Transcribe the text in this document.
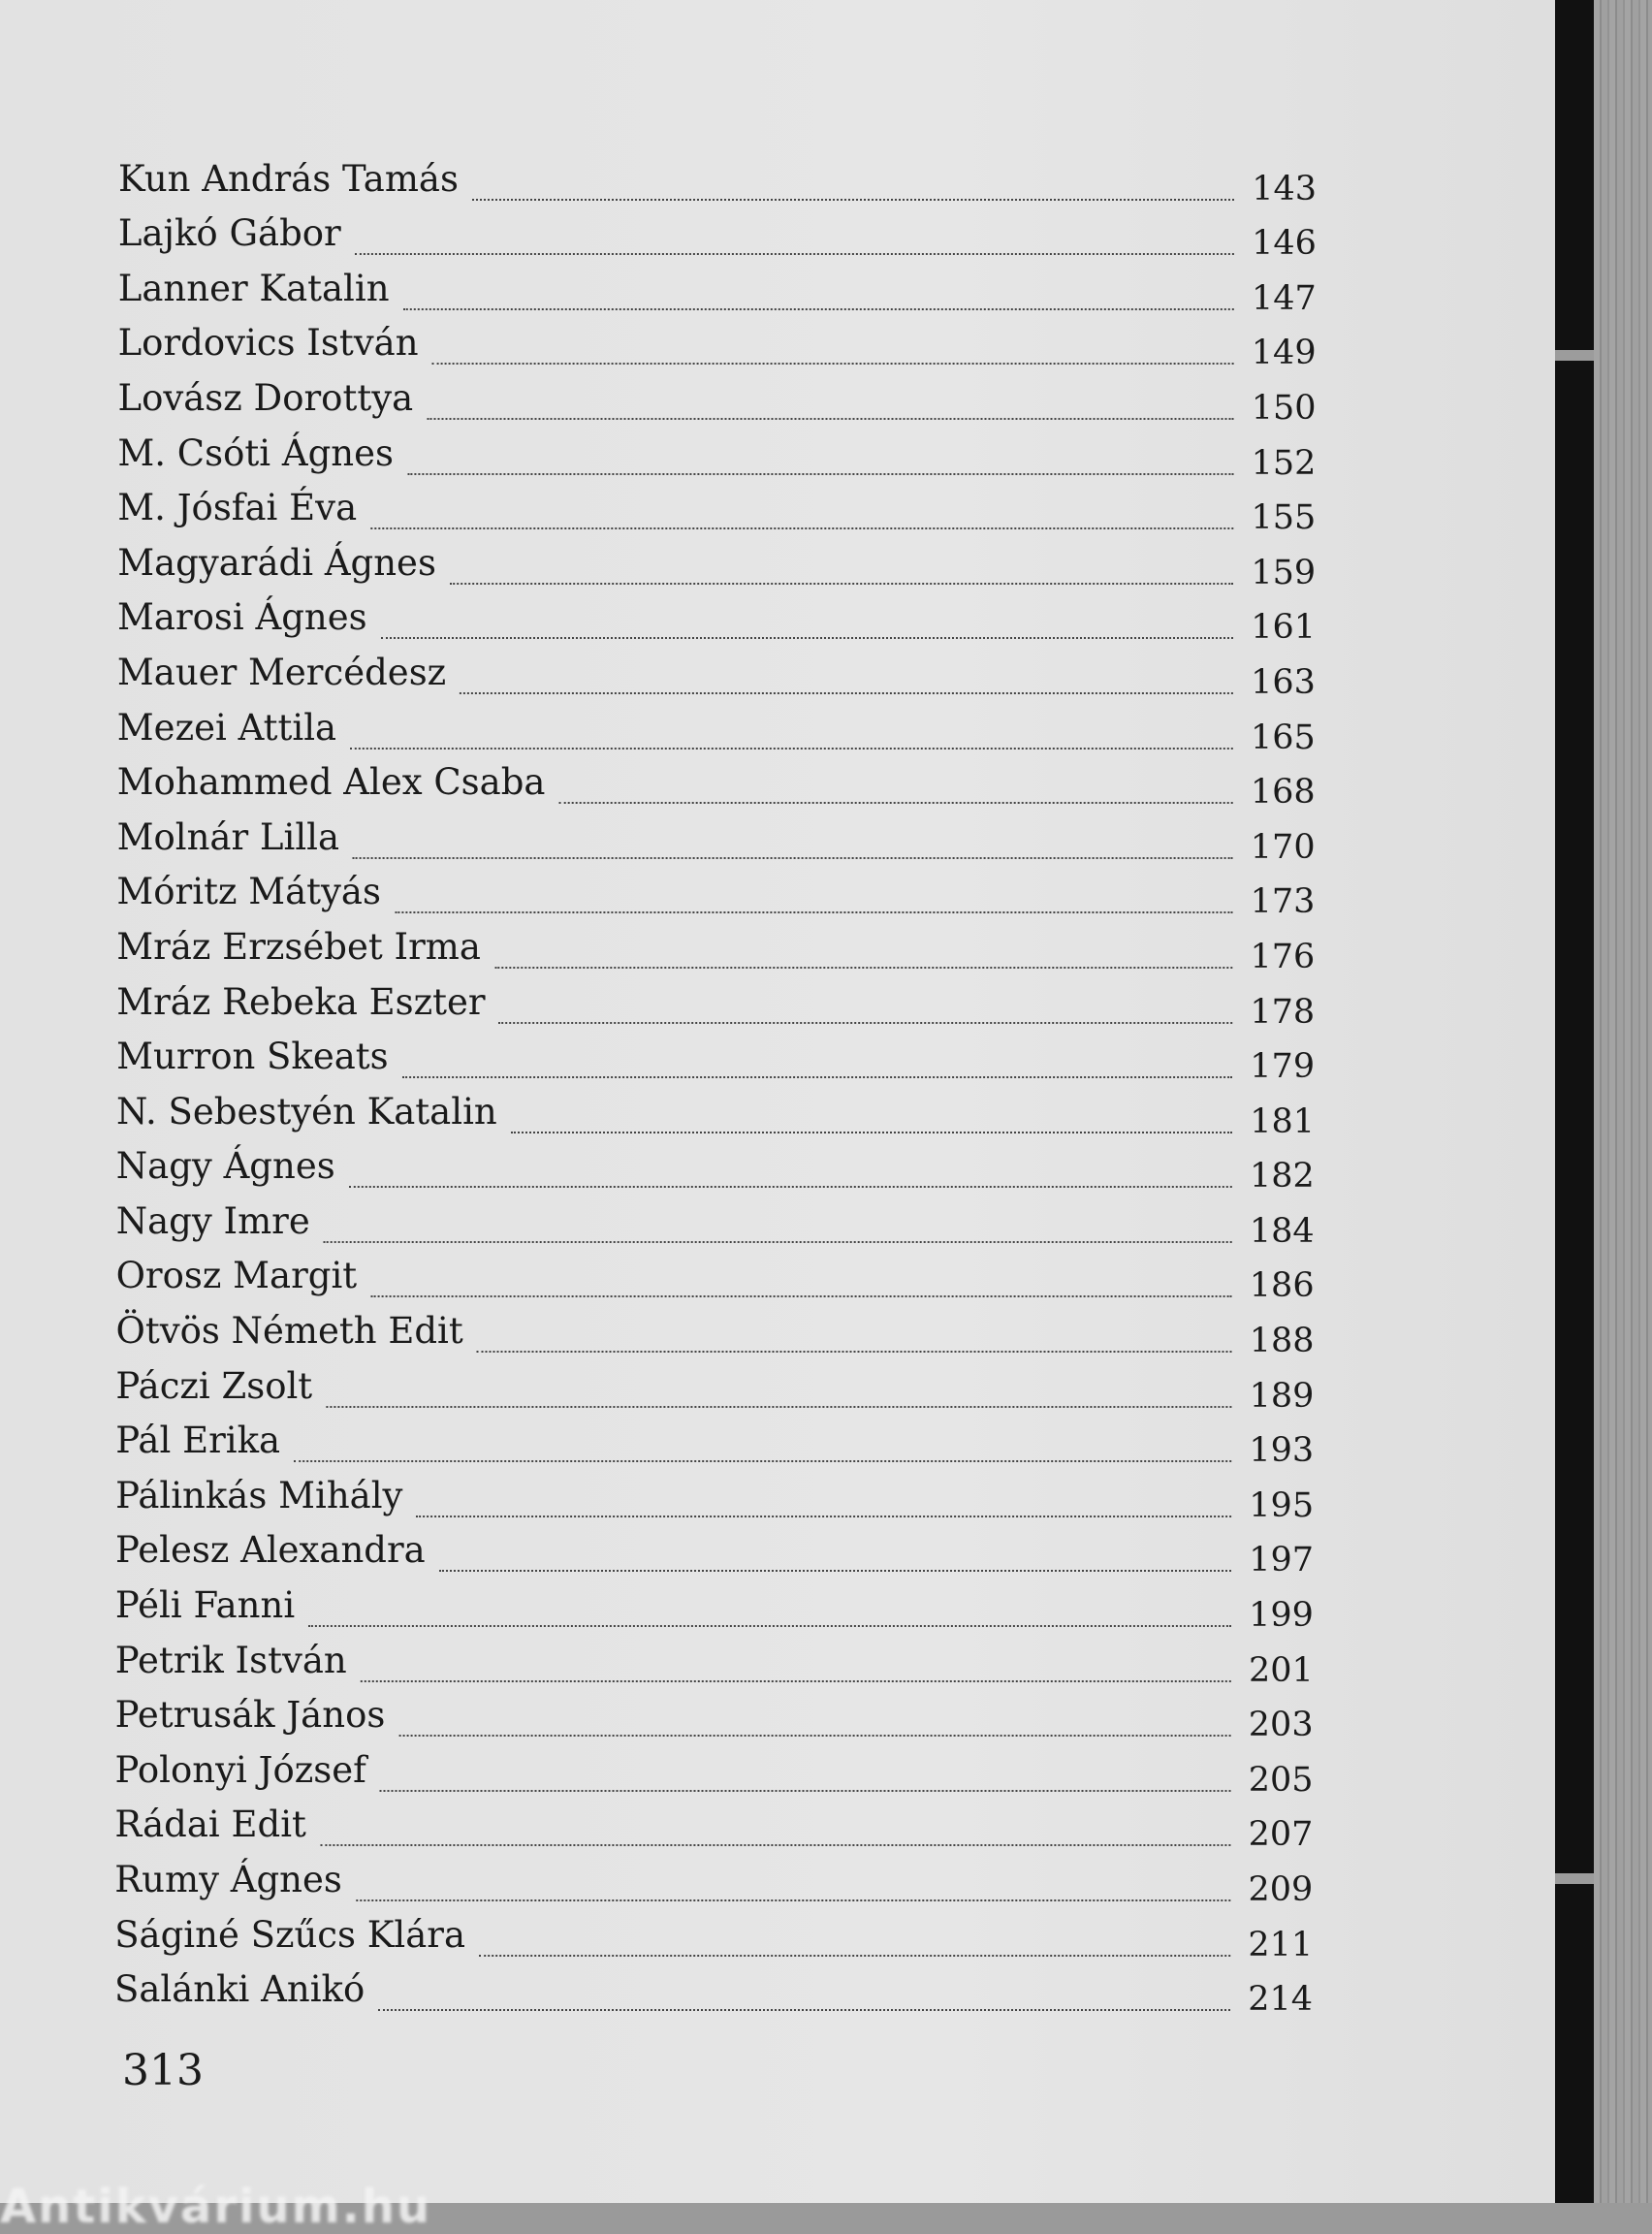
Kun András Tamás	143
Lajkó Gábor	146
Lanner Katalin	147
Lordovics István	149
Lovász Dorottya	150
M. Csóti Ágnes	152
M. Jósfai Éva	155
Magyarádi Ágnes	159
Marosi Ágnes	161
Mauer Mercédesz	163
Mezei Attila	165
Mohammed Alex Csaba	168
Molnár Lilla	170
Móritz Mátyás	173
Mráz Erzsébet Irma	176
Mráz Rebeka Eszter	178
Murron Skeats	179
N. Sebestyén Katalin	181
Nagy Ágnes	182
Nagy Imre	184
Orosz Margit	186
Ötvös Németh Edit	188
Páczi Zsolt	189
Pál Erika	193
Pálinkás Mihály	195
Pelesz Alexandra	197
Péli Fanni	199
Petrik István	201
Petrusák János	203
Polonyi József	205
Rádai Edit	207
Rumy Ágnes	209
Ságiné Szűcs Klára	211
Salánki Anikó	214
313
Antikvárium.hu
